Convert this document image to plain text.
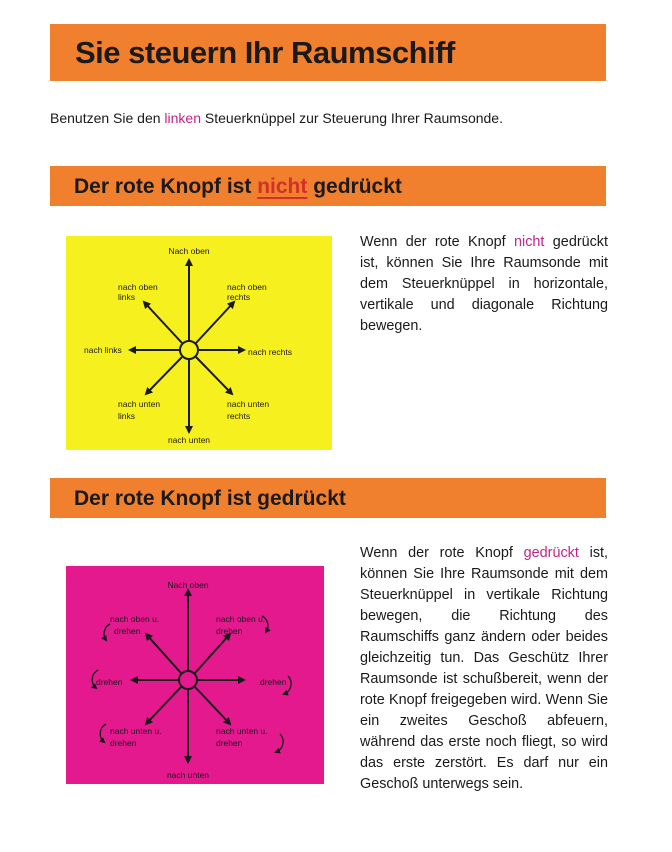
Sie steuern Ihr Raumschiff
Benutzen Sie den linken Steuerknüppel zur Steuerung Ihrer Raumsonde.
Der rote Knopf ist nicht gedrückt
Nach oben
nach oben
links
nach oben
rechts
nach links	nach rechts
nach unten
links
nach unten
rechts
nach unten

Wenn der rote Knopf nicht gedrückt ist, können Sie Ihre Raumsonde mit dem Steuerknüppel in horizontale, vertikale und diagonale Richtung bewegen.

Der rote Knopf ist gedrückt

Wenn der rote Knopf gedrückt ist, können Sie Ihre Raumsonde mit dem Steuerknüppel in vertikale Richtung bewegen, die Richtung des Raumschiffs ganz ändern oder beides gleichzeitig tun. Das Geschütz Ihrer Raumsonde ist schußbereit, wenn der rote Knopf freigegeben wird. Wenn Sie ein zweites Geschoß abfeuern, während das erste noch fliegt, so wird das erste zerstört. Es darf nur ein Geschoß unterwegs sein.

Nach oben
nach oben u.
drehen
nach oben u.
drehen
drehen	drehen
nach unten u.
drehen
nach unten u.
drehen
nach unten
